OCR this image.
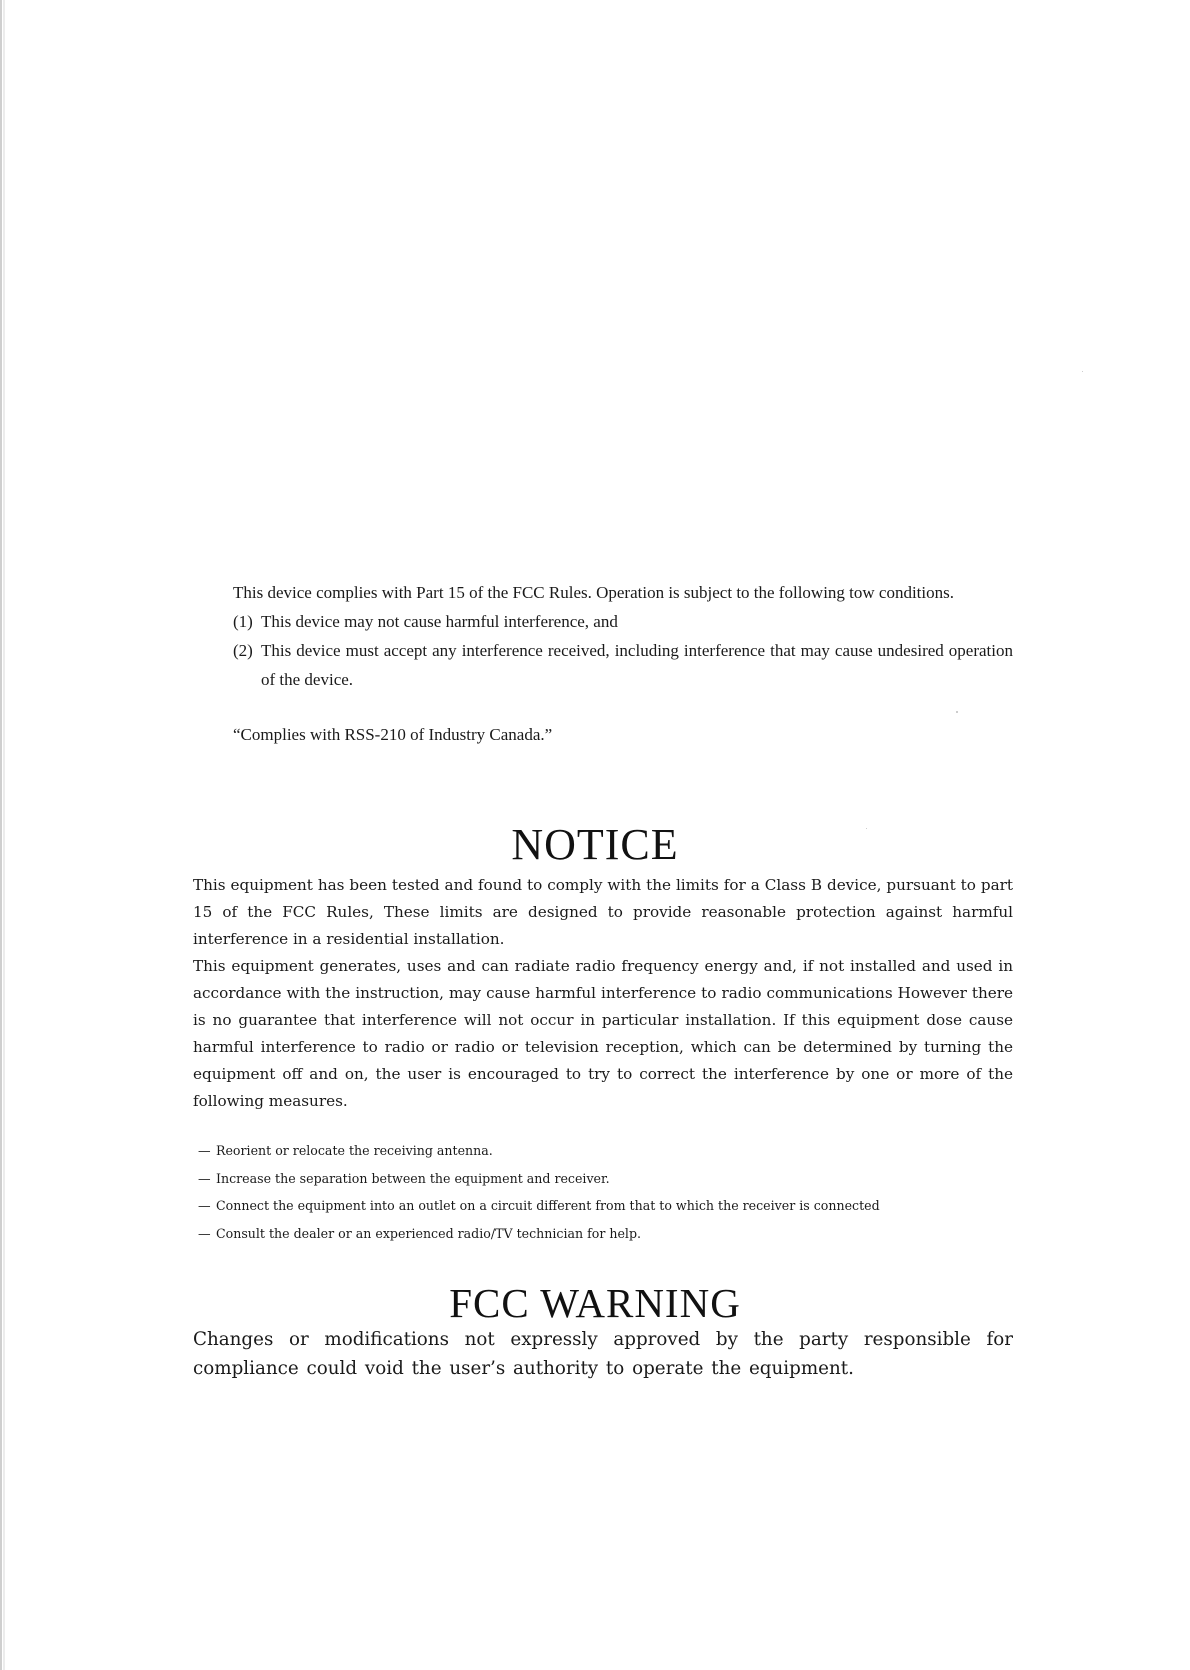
This device complies with Part 15 of the FCC Rules. Operation is subject to the following tow conditions.

(1) This device may not cause harmful interference, and
(2) This device must accept any interference received, including interference that may cause undesired operation of the device.

“Complies with RSS-210 of Industry Canada.”

NOTICE

This equipment has been tested and found to comply with the limits for a Class B device, pursuant to part 15 of the FCC Rules, These limits are designed to provide reasonable protection against harmful interference in a residential installation.

This equipment generates, uses and can radiate radio frequency energy and, if not installed and used in accordance with the instruction, may cause harmful interference to radio communications However there is no guarantee that interference will not occur in particular installation. If this equipment dose cause harmful interference to radio or radio or television reception, which can be determined by turning the equipment off and on, the user is encouraged to try to correct the interference by one or more of the following measures.

— Reorient or relocate the receiving antenna.
— Increase the separation between the equipment and receiver.
— Connect the equipment into an outlet on a circuit different from that to which the receiver is connected
— Consult the dealer or an experienced radio/TV technician for help.
FCC WARNING

Changes or modifications not expressly approved by the party responsible for compliance could void the user’s authority to operate the equipment.
